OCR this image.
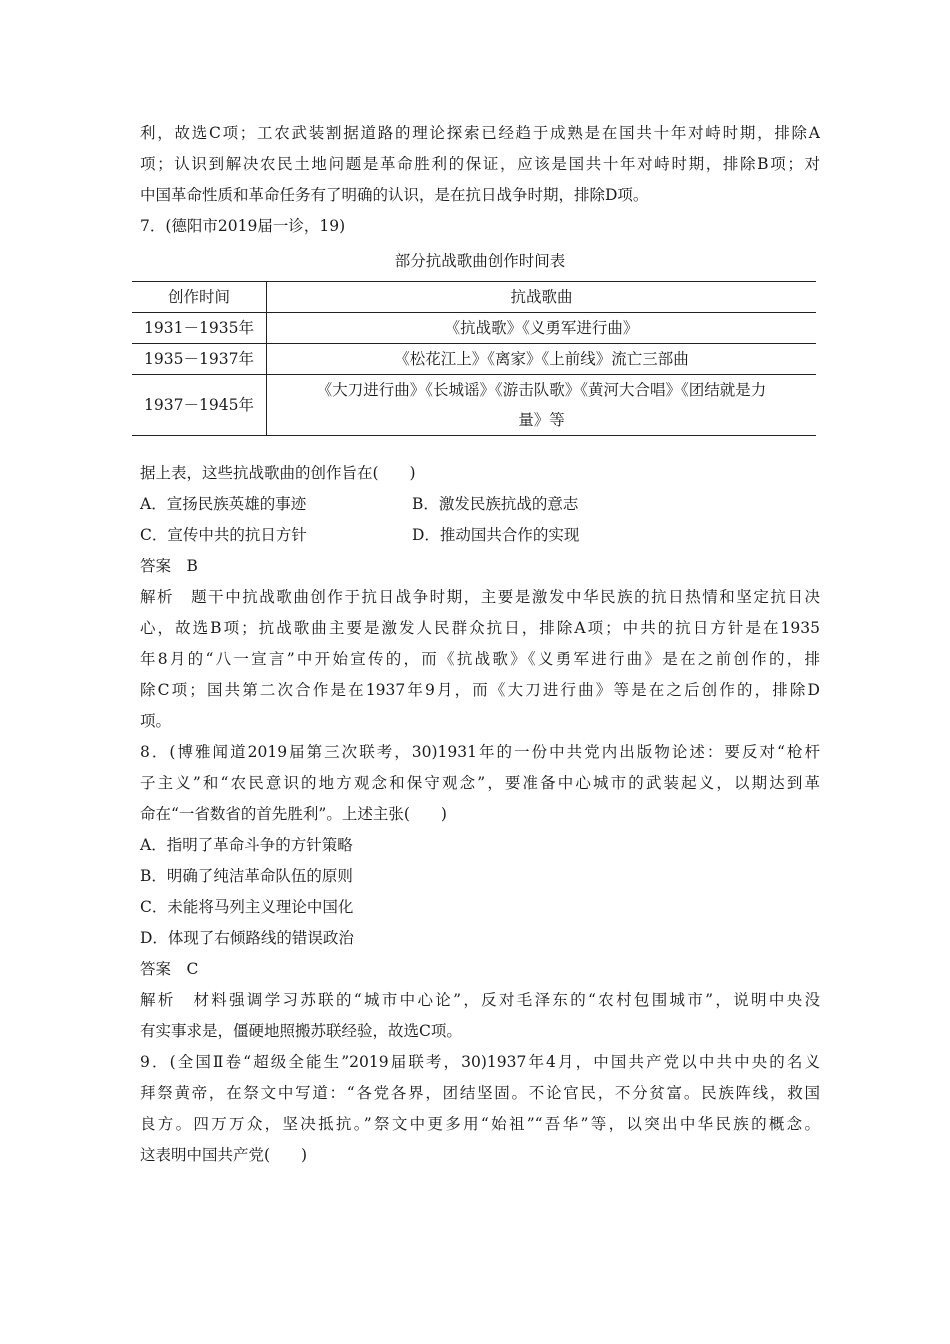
利，故选C项；工农武装割据道路的理论探索已经趋于成熟是在国共十年对峙时期，排除A

项；认识到解决农民土地问题是革命胜利的保证，应该是国共十年对峙时期，排除B项；对

中国革命性质和革命任务有了明确的认识，是在抗日战争时期，排除D项。

7．(德阳市2019届一诊，19)

部分抗战歌曲创作时间表

创作时间	抗战歌曲
1931－1935年	《抗战歌》《义勇军进行曲》
1935－1937年	《松花江上》《离家》《上前线》流亡三部曲
1937－1945年	《大刀进行曲》《长城谣》《游击队歌》《黄河大合唱》《团结就是力
量》等

据上表，这些抗战歌曲的创作旨在(　　)

A．宣扬民族英雄的事迹	B．激发民族抗战的意志

C．宣传中共的抗日方针	D．推动国共合作的实现

答案　B

解析　题干中抗战歌曲创作于抗日战争时期，主要是激发中华民族的抗日热情和坚定抗日决

心，故选B项；抗战歌曲主要是激发人民群众抗日，排除A项；中共的抗日方针是在1935

年8月的“八一宣言”中开始宣传的，而《抗战歌》《义勇军进行曲》是在之前创作的，排

除C项；国共第二次合作是在1937年9月，而《大刀进行曲》等是在之后创作的，排除D

项。

8．(博雅闻道2019届第三次联考，30)1931年的一份中共党内出版物论述：要反对“枪杆

子主义”和“农民意识的地方观念和保守观念”，要准备中心城市的武装起义，以期达到革

命在“一省数省的首先胜利”。上述主张(　　)

A．指明了革命斗争的方针策略

B．明确了纯洁革命队伍的原则

C．未能将马列主义理论中国化

D．体现了右倾路线的错误政治

答案　C

解析　材料强调学习苏联的“城市中心论”，反对毛泽东的“农村包围城市”，说明中央没

有实事求是，僵硬地照搬苏联经验，故选C项。

9．(全国Ⅱ卷“超级全能生”2019届联考，30)1937年4月，中国共产党以中共中央的名义

拜祭黄帝，在祭文中写道：“各党各界，团结坚固。不论官民，不分贫富。民族阵线，救国

良方。四万万众，坚决抵抗。”祭文中更多用“始祖”“吾华”等，以突出中华民族的概念。

这表明中国共产党(　　)
